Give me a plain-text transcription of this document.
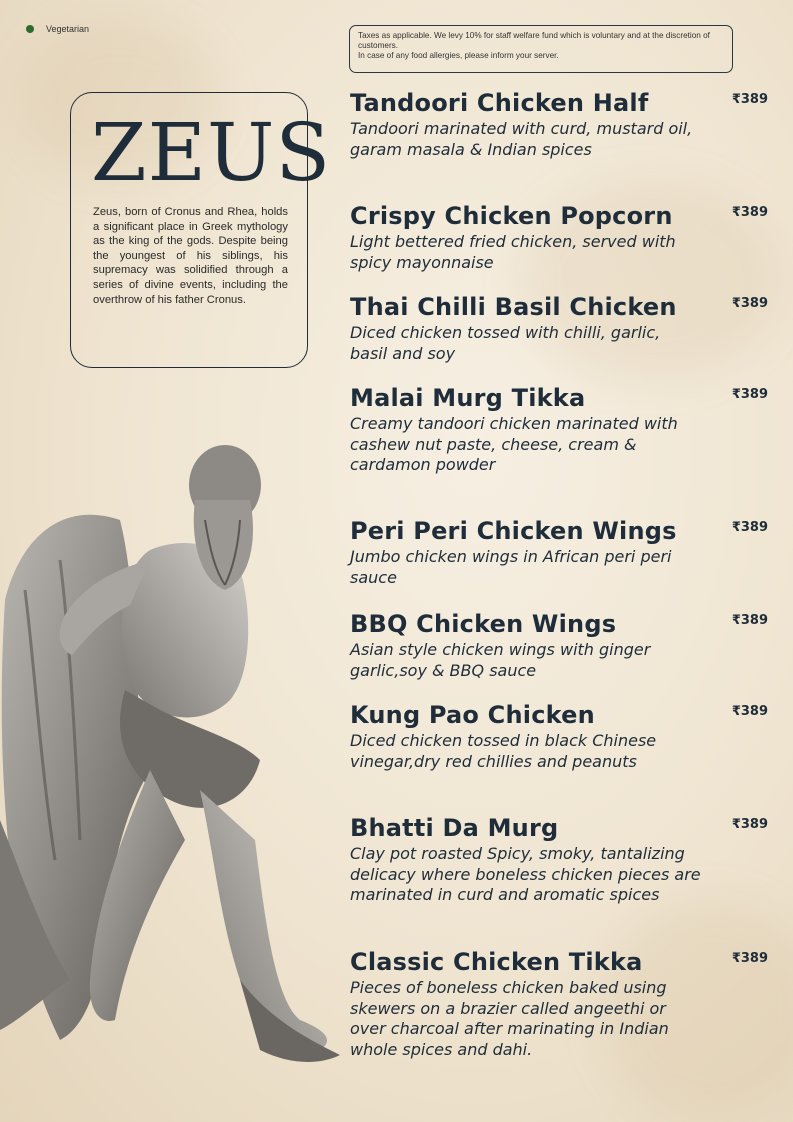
Vegetarian
Taxes as applicable. We levy 10% for staff welfare fund which is voluntary and at the discretion of customers.
In case of any food allergies, please inform your server.
ZEUS
Zeus, born of Cronus and Rhea, holds a significant place in Greek mythology as the king of the gods. Despite being the youngest of his siblings, his supremacy was solidified through a series of divine events, including the overthrow of his father Cronus.
Tandoori Chicken Half
Tandoori marinated with curd, mustard oil, garam masala & Indian spices
₹389
Crispy Chicken Popcorn
Light bettered fried chicken, served with spicy mayonnaise
₹389
Thai Chilli Basil Chicken
Diced chicken tossed with chilli, garlic, basil and soy
₹389
Malai Murg Tikka
Creamy tandoori chicken marinated with cashew nut paste, cheese, cream & cardamon powder
₹389
Peri Peri Chicken Wings
Jumbo chicken wings in African peri peri sauce
₹389
BBQ Chicken Wings
Asian style chicken wings with ginger garlic,soy & BBQ sauce
₹389
Kung Pao Chicken
Diced chicken tossed in black Chinese vinegar,dry red chillies and peanuts
₹389
Bhatti Da Murg
Clay pot roasted Spicy, smoky, tantalizing delicacy where boneless chicken pieces are marinated in curd and aromatic spices
₹389
Classic Chicken Tikka
Pieces of boneless chicken baked using skewers on a brazier called angeethi or over charcoal after marinating in Indian whole spices and dahi.
₹389
